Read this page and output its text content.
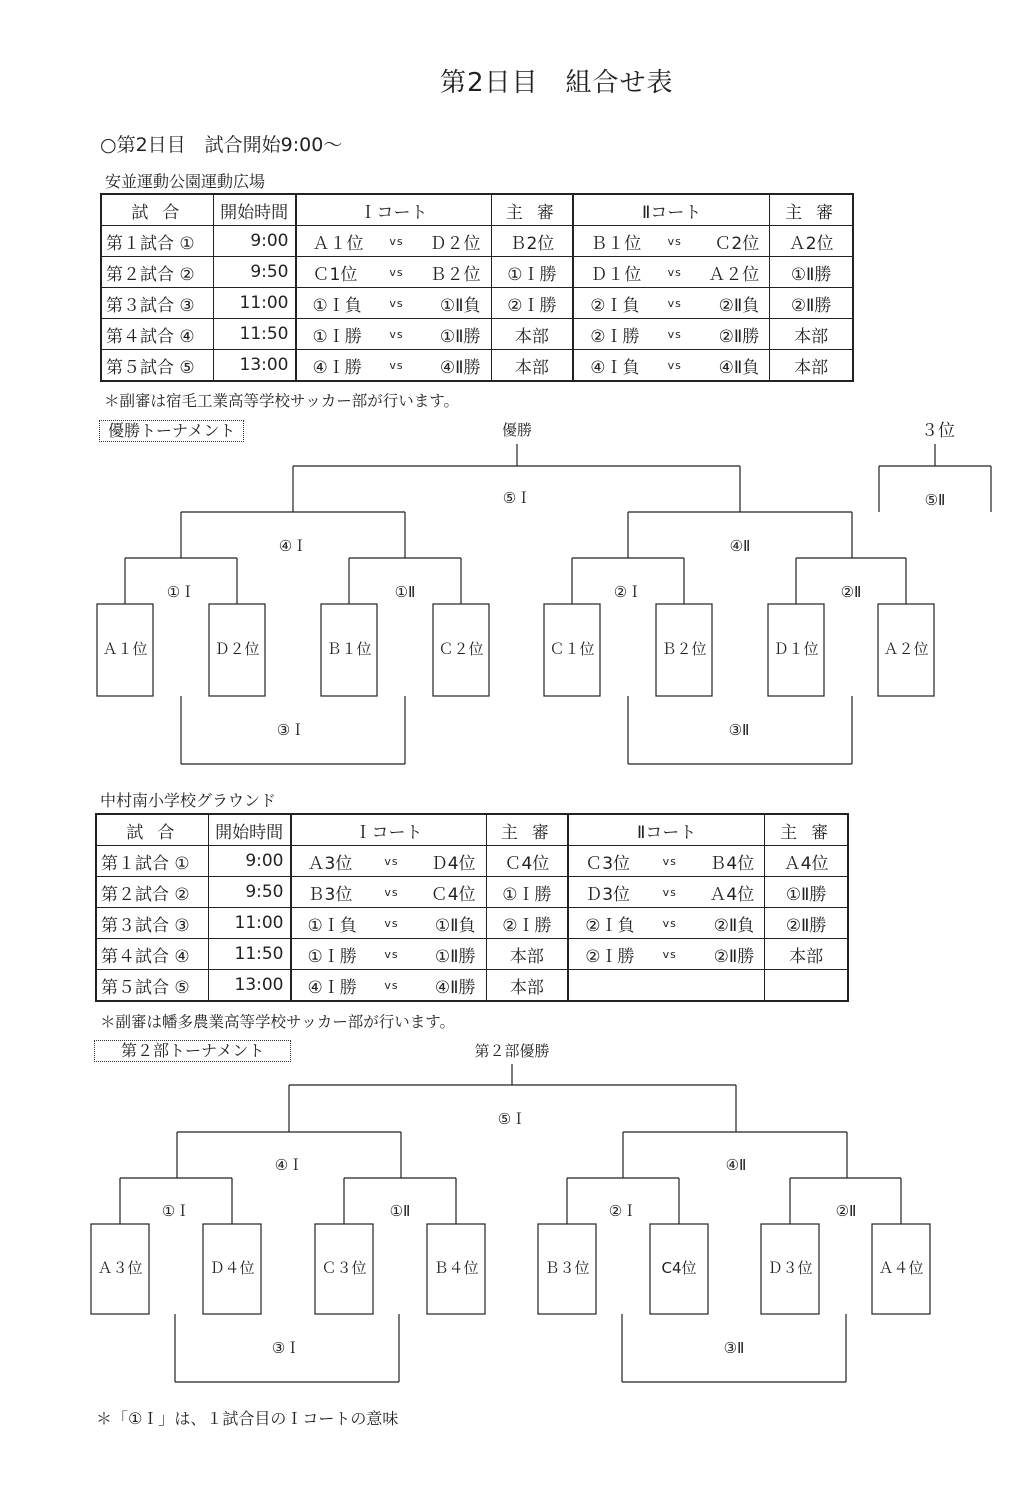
第2日目　組合せ表
○第2日目　試合開始9:00～
安並運動公園運動広場
試合	開始時間	Ｉコート	主審	Ⅱコート	主審
第１試合 ①	9:00	Ａ１位 vs Ｄ２位	Ｂ2位	Ｂ１位 vs Ｃ2位	Ａ2位
第２試合 ②	9:50	Ｃ1位 vs Ｂ２位	①Ｉ勝	Ｄ１位 vs Ａ２位	①Ⅱ勝
第３試合 ③	11:00	①Ｉ負 vs ①Ⅱ負	②Ｉ勝	②Ｉ負 vs ②Ⅱ負	②Ⅱ勝
第４試合 ④	11:50	①Ｉ勝 vs ①Ⅱ勝	本部	②Ｉ勝 vs ②Ⅱ勝	本部
第５試合 ⑤	13:00	④Ｉ勝 vs ④Ⅱ勝	本部	④Ｉ負 vs ④Ⅱ負	本部
＊副審は宿毛工業高等学校サッカー部が行います。
優勝トーナメント	優勝	３位
⑤Ｉ	⑤Ⅱ
④Ｉ	④Ⅱ
①Ｉ	①Ⅱ	②Ｉ	②Ⅱ
Ａ１位	Ｄ２位	Ｂ１位	Ｃ２位	Ｃ１位	Ｂ２位	Ｄ１位	Ａ２位
③Ｉ	③Ⅱ
中村南小学校グラウンド
試合	開始時間	Ｉコート	主審	Ⅱコート	主審
第１試合 ①	9:00	Ａ3位 vs Ｄ4位	Ｃ4位	Ｃ3位 vs Ｂ4位	Ａ4位
第２試合 ②	9:50	Ｂ3位 vs Ｃ4位	①Ｉ勝	Ｄ3位 vs Ａ4位	①Ⅱ勝
第３試合 ③	11:00	①Ｉ負 vs ①Ⅱ負	②Ｉ勝	②Ｉ負 vs ②Ⅱ負	②Ⅱ勝
第４試合 ④	11:50	①Ｉ勝 vs ①Ⅱ勝	本部	②Ｉ勝 vs ②Ⅱ勝	本部
第５試合 ⑤	13:00	④Ｉ勝 vs ④Ⅱ勝	本部		
＊副審は幡多農業高等学校サッカー部が行います。
第２部トーナメント	第２部優勝
⑤Ｉ
④Ｉ	④Ⅱ
①Ｉ	①Ⅱ	②Ｉ	②Ⅱ
Ａ３位	Ｄ４位	Ｃ３位	Ｂ４位	Ｂ３位	C4位	Ｄ３位	Ａ４位
③Ｉ	③Ⅱ
＊「①Ｉ」は、１試合目のＩコートの意味
